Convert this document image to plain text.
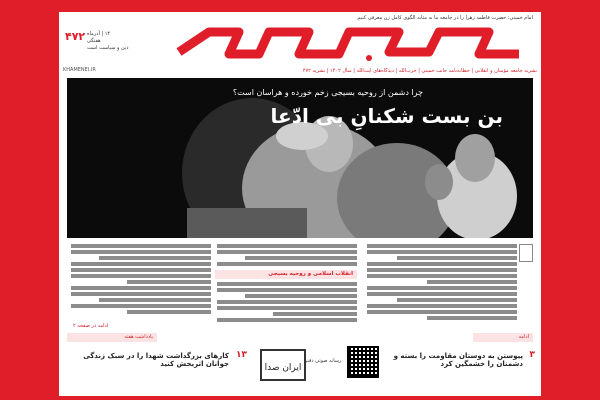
امام خمینی: حضرت فاطمه زهرا را در جامعه ما به مثابه الگوی کامل زن معرفی کنیم
۴۷۲ ۱۴ | آذرماه
هفتگی
دین و سیاست است
KHAMENEI.IR	نشریه جامعه مؤمنان و انقلابی | خطابه‌نامه جانب خمینی | حزب‌الله | دیدگاه‌های آیت‌الله | سال ۱۴۰۲ | نشریه ۴۷۲
چرا دشمن از روحیه بسیجی زخم خورده و هراسان است؟
بن بست شکنانِ بی ادّعا
انقلاب اسلامی و روحیه بسیجی
ادامه در صفحه ۲
یادداشت هفته	ادامه
۱۳
کارهای بزرگداشت شهدا را در سبک زندگی جوانان اثربخش کنید	ایران صدا
رسانه صوتی دفتر
۳
پیوستن به دوستان مقاومت را بسته و دشمنان را خشمگین کرد
